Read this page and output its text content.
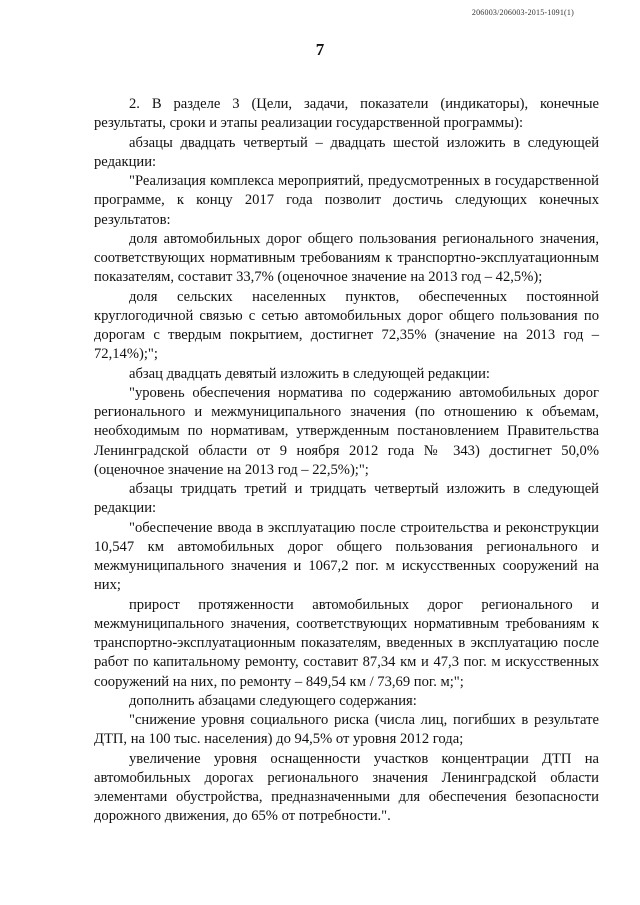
206003/206003-2015-1091(1)
7

2. В разделе 3 (Цели, задачи, показатели (индикаторы), конечные результаты, сроки и этапы реализации государственной программы):

абзацы двадцать четвертый – двадцать шестой изложить в следующей редакции:

"Реализация комплекса мероприятий, предусмотренных в государственной программе, к концу 2017 года позволит достичь следующих конечных результатов:

доля автомобильных дорог общего пользования регионального значения, соответствующих нормативным требованиям к транспортно-эксплуатационным показателям, составит 33,7% (оценочное значение на 2013 год – 42,5%);

доля сельских населенных пунктов, обеспеченных постоянной круглогодичной связью с сетью автомобильных дорог общего пользования по дорогам с твердым покрытием, достигнет 72,35% (значение на 2013 год – 72,14%);";

абзац двадцать девятый изложить в следующей редакции:

"уровень обеспечения норматива по содержанию автомобильных дорог регионального и межмуниципального значения (по отношению к объемам, необходимым по нормативам, утвержденным постановлением Правительства Ленинградской области от 9 ноября 2012 года № 343) достигнет 50,0% (оценочное значение на 2013 год – 22,5%);";

абзацы тридцать третий и тридцать четвертый изложить в следующей редакции:

"обеспечение ввода в эксплуатацию после строительства и реконструкции 10,547 км автомобильных дорог общего пользования регионального и межмуниципального значения и 1067,2 пог. м искусственных сооружений на них;

прирост протяженности автомобильных дорог регионального и межмуниципального значения, соответствующих нормативным требованиям к транспортно-эксплуатационным показателям, введенных в эксплуатацию после работ по капитальному ремонту, составит 87,34 км и 47,3 пог. м искусственных сооружений на них, по ремонту – 849,54 км / 73,69 пог. м;";

дополнить абзацами следующего содержания:

"снижение уровня социального риска (числа лиц, погибших в результате ДТП, на 100 тыс. населения) до 94,5% от уровня 2012 года;

увеличение уровня оснащенности участков концентрации ДТП на автомобильных дорогах регионального значения Ленинградской области элементами обустройства, предназначенными для обеспечения безопасности дорожного движения, до 65% от потребности.".
